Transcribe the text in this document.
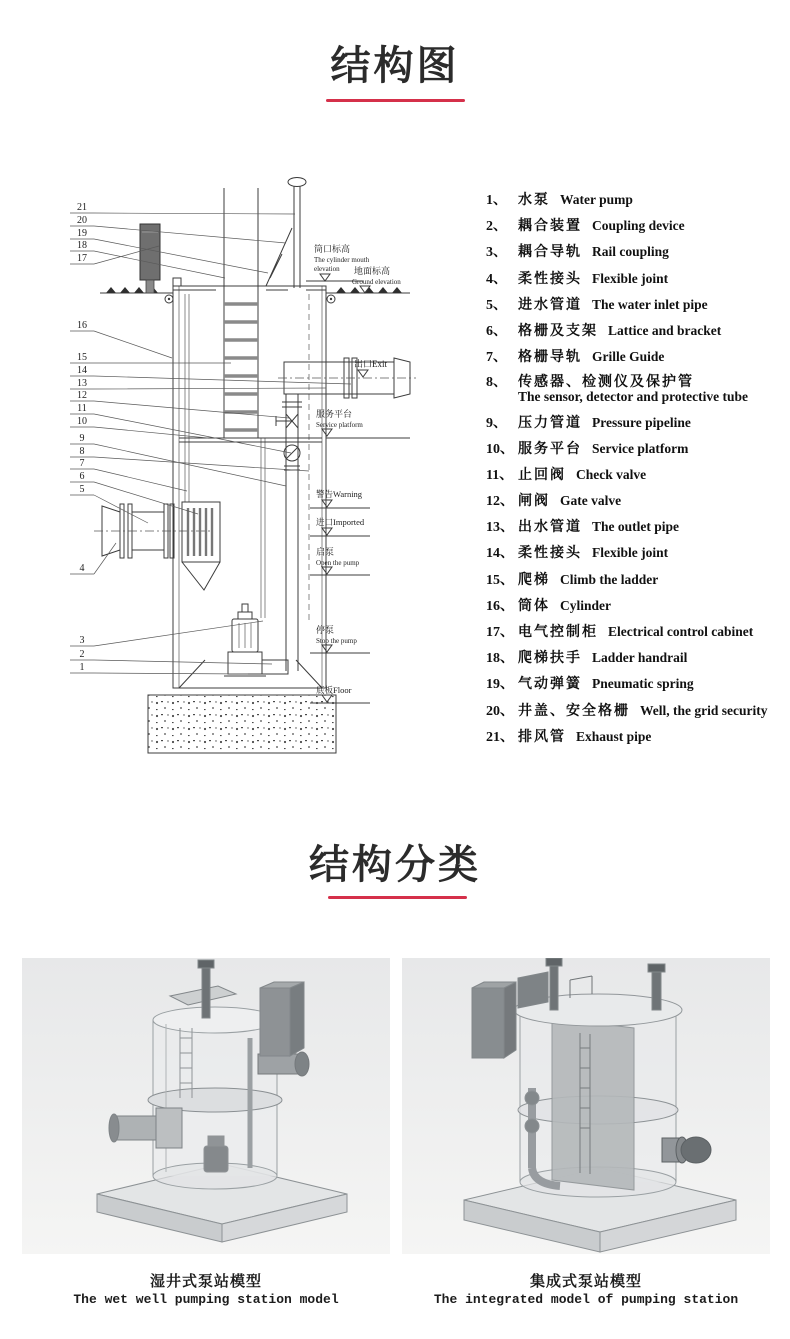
结构图
21
20
19
18
17
16
15
14
13
12
11
10
9
8
7
6
5
4
3
2
1
筒口标高
The cylinder mouth
elevation 地面标高
Ground elevation
出口Exit
服务平台
Service platform
警告Warning
进口Imported
启泵
Open the pump
停泵
Stop the pump
底板Floor
1、 水泵 Water pump
2、 耦合装置 Coupling device
3、 耦合导轨 Rail coupling
4、 柔性接头 Flexible joint
5、 进水管道 The water inlet pipe
6、 格栅及支架 Lattice and bracket
7、 格栅导轨 Grille Guide
8、 传感器、检测仪及保护管
The sensor, detector and protective tube
9、 压力管道 Pressure pipeline
10、 服务平台 Service platform
11、 止回阀 Check valve
12、 闸阀 Gate valve
13、 出水管道 The outlet pipe
14、 柔性接头 Flexible joint
15、 爬梯 Climb the ladder
16、 筒体 Cylinder
17、 电气控制柜 Electrical control cabinet
18、 爬梯扶手 Ladder handrail
19、 气动弹簧 Pneumatic spring
20、 井盖、安全格栅 Well, the grid security
21、 排风管 Exhaust pipe
结构分类
湿井式泵站模型
The wet well pumping station model
集成式泵站模型
The integrated model of pumping station
